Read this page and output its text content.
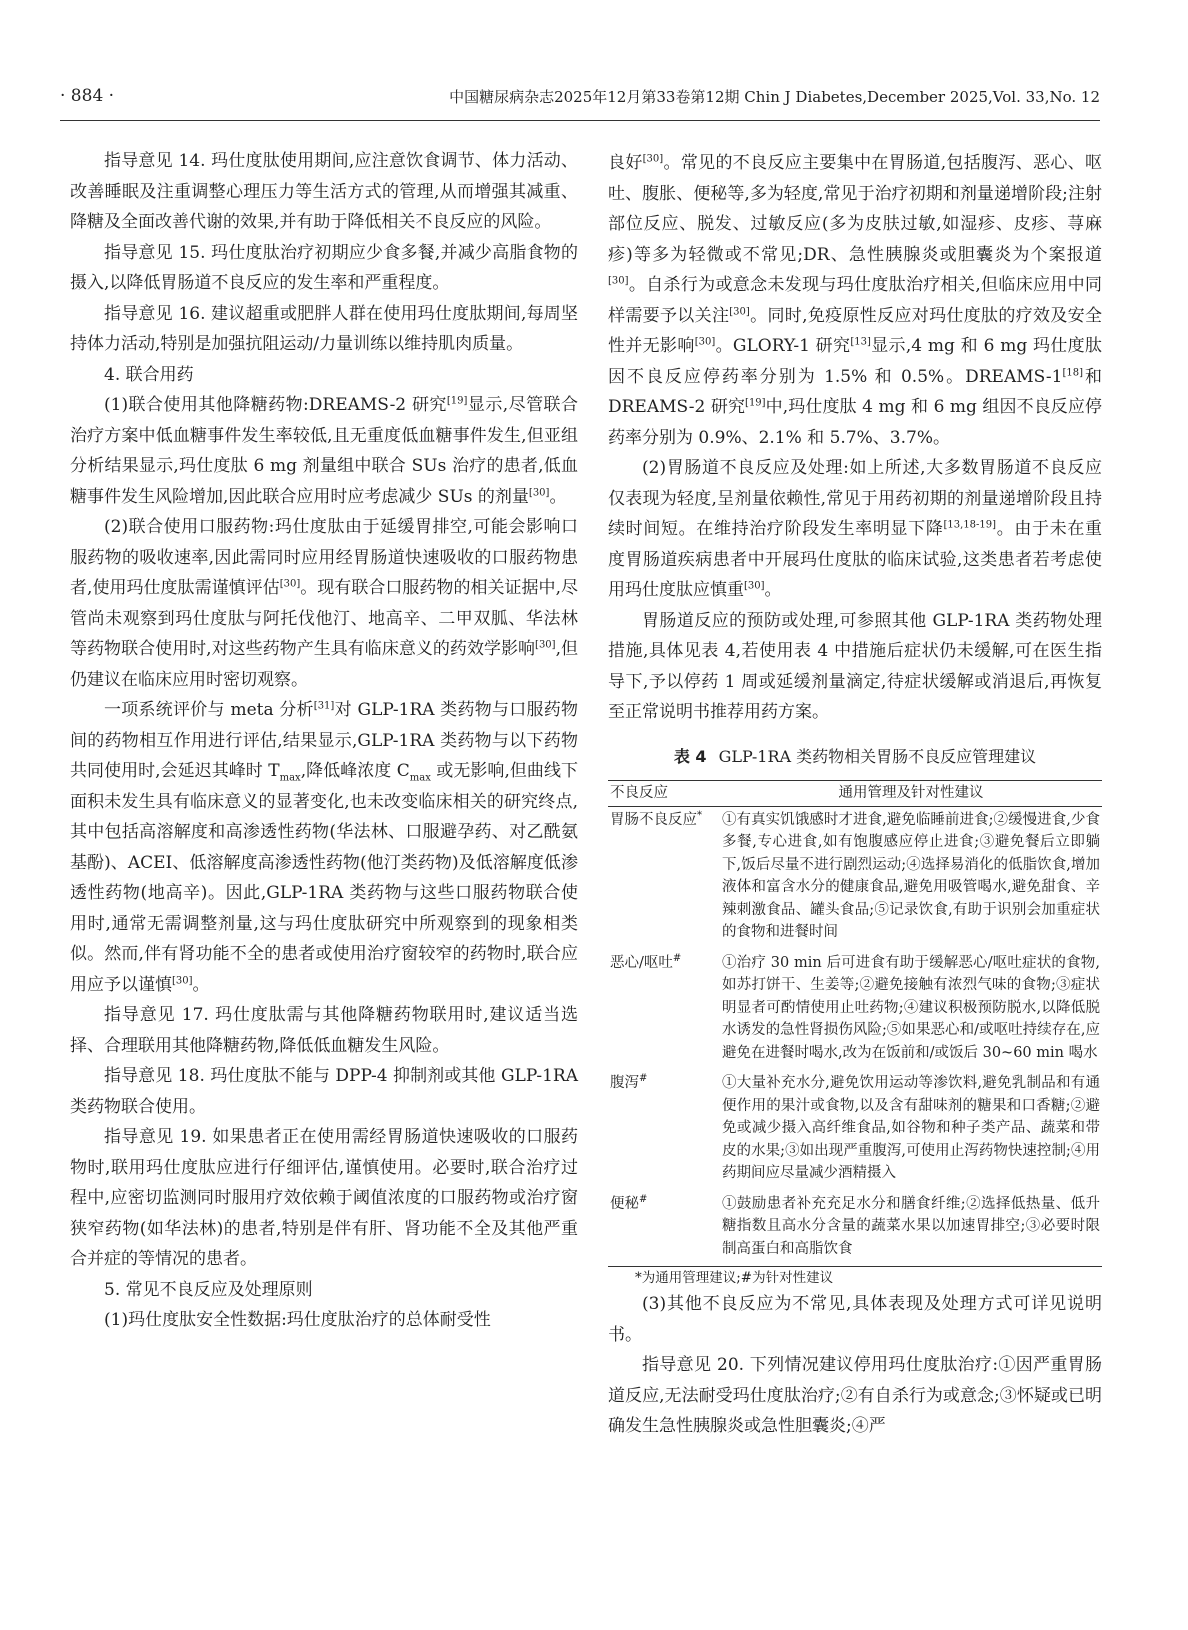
· 884 ·	中国糖尿病杂志2025年12月第33卷第12期 Chin J Diabetes,December 2025,Vol. 33,No. 12

指导意见 14. 玛仕度肽使用期间,应注意饮食调节、体力活动、改善睡眠及注重调整心理压力等生活方式的管理,从而增强其减重、降糖及全面改善代谢的效果,并有助于降低相关不良反应的风险。

指导意见 15. 玛仕度肽治疗初期应少食多餐,并减少高脂食物的摄入,以降低胃肠道不良反应的发生率和严重程度。

指导意见 16. 建议超重或肥胖人群在使用玛仕度肽期间,每周坚持体力活动,特别是加强抗阻运动/力量训练以维持肌肉质量。

4. 联合用药

(1)联合使用其他降糖药物:DREAMS-2 研究[19]显示,尽管联合治疗方案中低血糖事件发生率较低,且无重度低血糖事件发生,但亚组分析结果显示,玛仕度肽 6 mg 剂量组中联合 SUs 治疗的患者,低血糖事件发生风险增加,因此联合应用时应考虑减少 SUs 的剂量[30]。

(2)联合使用口服药物:玛仕度肽由于延缓胃排空,可能会影响口服药物的吸收速率,因此需同时应用经胃肠道快速吸收的口服药物患者,使用玛仕度肽需谨慎评估[30]。现有联合口服药物的相关证据中,尽管尚未观察到玛仕度肽与阿托伐他汀、地高辛、二甲双胍、华法林等药物联合使用时,对这些药物产生具有临床意义的药效学影响[30],但仍建议在临床应用时密切观察。

一项系统评价与 meta 分析[31]对 GLP-1RA 类药物与口服药物间的药物相互作用进行评估,结果显示,GLP-1RA 类药物与以下药物共同使用时,会延迟其峰时 $T_{max}$,降低峰浓度 $C_{max}$ 或无影响,但曲线下面积未发生具有临床意义的显著变化,也未改变临床相关的研究终点,其中包括高溶解度和高渗透性药物(华法林、口服避孕药、对乙酰氨基酚)、ACEI、低溶解度高渗透性药物(他汀类药物)及低溶解度低渗透性药物(地高辛)。因此,GLP-1RA 类药物与这些口服药物联合使用时,通常无需调整剂量,这与玛仕度肽研究中所观察到的现象相类似。然而,伴有肾功能不全的患者或使用治疗窗较窄的药物时,联合应用应予以谨慎[30]。

指导意见 17. 玛仕度肽需与其他降糖药物联用时,建议适当选择、合理联用其他降糖药物,降低低血糖发生风险。

指导意见 18. 玛仕度肽不能与 DPP-4 抑制剂或其他 GLP-1RA 类药物联合使用。

指导意见 19. 如果患者正在使用需经胃肠道快速吸收的口服药物时,联用玛仕度肽应进行仔细评估,谨慎使用。必要时,联合治疗过程中,应密切监测同时服用疗效依赖于阈值浓度的口服药物或治疗窗狭窄药物(如华法林)的患者,特别是伴有肝、肾功能不全及其他严重合并症的等情况的患者。

5. 常见不良反应及处理原则

(1)玛仕度肽安全性数据:玛仕度肽治疗的总体耐受性

良好[30]。常见的不良反应主要集中在胃肠道,包括腹泻、恶心、呕吐、腹胀、便秘等,多为轻度,常见于治疗初期和剂量递增阶段;注射部位反应、脱发、过敏反应(多为皮肤过敏,如湿疹、皮疹、荨麻疹)等多为轻微或不常见;DR、急性胰腺炎或胆囊炎为个案报道[30]。自杀行为或意念未发现与玛仕度肽治疗相关,但临床应用中同样需要予以关注[30]。同时,免疫原性反应对玛仕度肽的疗效及安全性并无影响[30]。GLORY-1 研究[13]显示,4 mg 和 6 mg 玛仕度肽因不良反应停药率分别为 1.5% 和 0.5%。DREAMS-1[18]和 DREAMS-2 研究[19]中,玛仕度肽 4 mg 和 6 mg 组因不良反应停药率分别为 0.9%、2.1% 和 5.7%、3.7%。

(2)胃肠道不良反应及处理:如上所述,大多数胃肠道不良反应仅表现为轻度,呈剂量依赖性,常见于用药初期的剂量递增阶段且持续时间短。在维持治疗阶段发生率明显下降[13,18-19]。由于未在重度胃肠道疾病患者中开展玛仕度肽的临床试验,这类患者若考虑使用玛仕度肽应慎重[30]。

胃肠道反应的预防或处理,可参照其他 GLP-1RA 类药物处理措施,具体见表 4,若使用表 4 中措施后症状仍未缓解,可在医生指导下,予以停药 1 周或延缓剂量滴定,待症状缓解或消退后,再恢复至正常说明书推荐用药方案。

表 4 GLP-1RA 类药物相关胃肠不良反应管理建议
不良反应	通用管理及针对性建议
胃肠不良反应*	①有真实饥饿感时才进食,避免临睡前进食;②缓慢进食,少食多餐,专心进食,如有饱腹感应停止进食;③避免餐后立即躺下,饭后尽量不进行剧烈运动;④选择易消化的低脂饮食,增加液体和富含水分的健康食品,避免用吸管喝水,避免甜食、辛辣刺激食品、罐头食品;⑤记录饮食,有助于识别会加重症状的食物和进餐时间
恶心/呕吐#	①治疗 30 min 后可进食有助于缓解恶心/呕吐症状的食物,如苏打饼干、生姜等;②避免接触有浓烈气味的食物;③症状明显者可酌情使用止吐药物;④建议积极预防脱水,以降低脱水诱发的急性肾损伤风险;⑤如果恶心和/或呕吐持续存在,应避免在进餐时喝水,改为在饭前和/或饭后 30~60 min 喝水
腹泻#	①大量补充水分,避免饮用运动等渗饮料,避免乳制品和有通便作用的果汁或食物,以及含有甜味剂的糖果和口香糖;②避免或减少摄入高纤维食品,如谷物和种子类产品、蔬菜和带皮的水果;③如出现严重腹泻,可使用止泻药物快速控制;④用药期间应尽量减少酒精摄入
便秘#	①鼓励患者补充充足水分和膳食纤维;②选择低热量、低升糖指数且高水分含量的蔬菜水果以加速胃排空;③必要时限制高蛋白和高脂饮食

*为通用管理建议;#为针对性建议

(3)其他不良反应为不常见,具体表现及处理方式可详见说明书。

指导意见 20. 下列情况建议停用玛仕度肽治疗:①因严重胃肠道反应,无法耐受玛仕度肽治疗;②有自杀行为或意念;③怀疑或已明确发生急性胰腺炎或急性胆囊炎;④严
